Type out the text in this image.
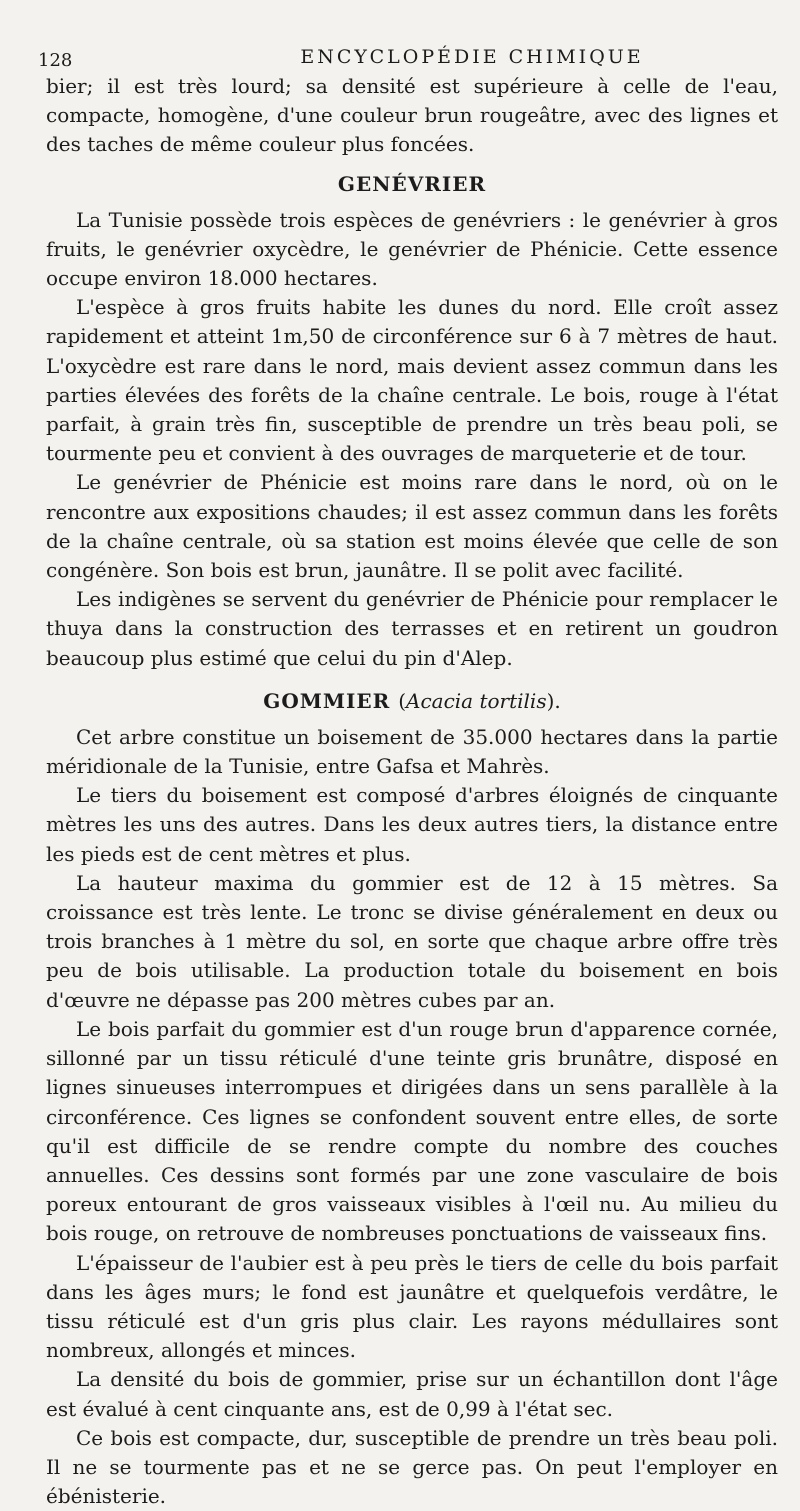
128	ENCYCLOPÉDIE CHIMIQUE

bier; il est très lourd; sa densité est supérieure à celle de l'eau, compacte, homogène, d'une couleur brun rougeâtre, avec des lignes et des taches de même couleur plus foncées.

GENÉVRIER

La Tunisie possède trois espèces de genévriers : le genévrier à gros fruits, le genévrier oxycèdre, le genévrier de Phénicie. Cette essence occupe environ 18.000 hectares.

L'espèce à gros fruits habite les dunes du nord. Elle croît assez rapidement et atteint 1m,50 de circonférence sur 6 à 7 mètres de haut. L'oxycèdre est rare dans le nord, mais devient assez commun dans les parties élevées des forêts de la chaîne centrale. Le bois, rouge à l'état parfait, à grain très fin, susceptible de prendre un très beau poli, se tourmente peu et convient à des ouvrages de marqueterie et de tour.

Le genévrier de Phénicie est moins rare dans le nord, où on le rencontre aux expositions chaudes; il est assez commun dans les forêts de la chaîne centrale, où sa station est moins élevée que celle de son congénère. Son bois est brun, jaunâtre. Il se polit avec facilité.

Les indigènes se servent du genévrier de Phénicie pour remplacer le thuya dans la construction des terrasses et en retirent un goudron beaucoup plus estimé que celui du pin d'Alep.

GOMMIER (Acacia tortilis).

Cet arbre constitue un boisement de 35.000 hectares dans la partie méridionale de la Tunisie, entre Gafsa et Mahrès.

Le tiers du boisement est composé d'arbres éloignés de cinquante mètres les uns des autres. Dans les deux autres tiers, la distance entre les pieds est de cent mètres et plus.

La hauteur maxima du gommier est de 12 à 15 mètres. Sa croissance est très lente. Le tronc se divise généralement en deux ou trois branches à 1 mètre du sol, en sorte que chaque arbre offre très peu de bois utilisable. La production totale du boisement en bois d'œuvre ne dépasse pas 200 mètres cubes par an.

Le bois parfait du gommier est d'un rouge brun d'apparence cornée, sillonné par un tissu réticulé d'une teinte gris brunâtre, disposé en lignes sinueuses interrompues et dirigées dans un sens parallèle à la circonférence. Ces lignes se confondent souvent entre elles, de sorte qu'il est difficile de se rendre compte du nombre des couches annuelles. Ces dessins sont formés par une zone vasculaire de bois poreux entourant de gros vaisseaux visibles à l'œil nu. Au milieu du bois rouge, on retrouve de nombreuses ponctuations de vaisseaux fins.

L'épaisseur de l'aubier est à peu près le tiers de celle du bois parfait dans les âges murs; le fond est jaunâtre et quelquefois verdâtre, le tissu réticulé est d'un gris plus clair. Les rayons médullaires sont nombreux, allongés et minces.

La densité du bois de gommier, prise sur un échantillon dont l'âge est évalué à cent cinquante ans, est de 0,99 à l'état sec.

Ce bois est compacte, dur, susceptible de prendre un très beau poli. Il ne se tourmente pas et ne se gerce pas. On peut l'employer en ébénisterie.
